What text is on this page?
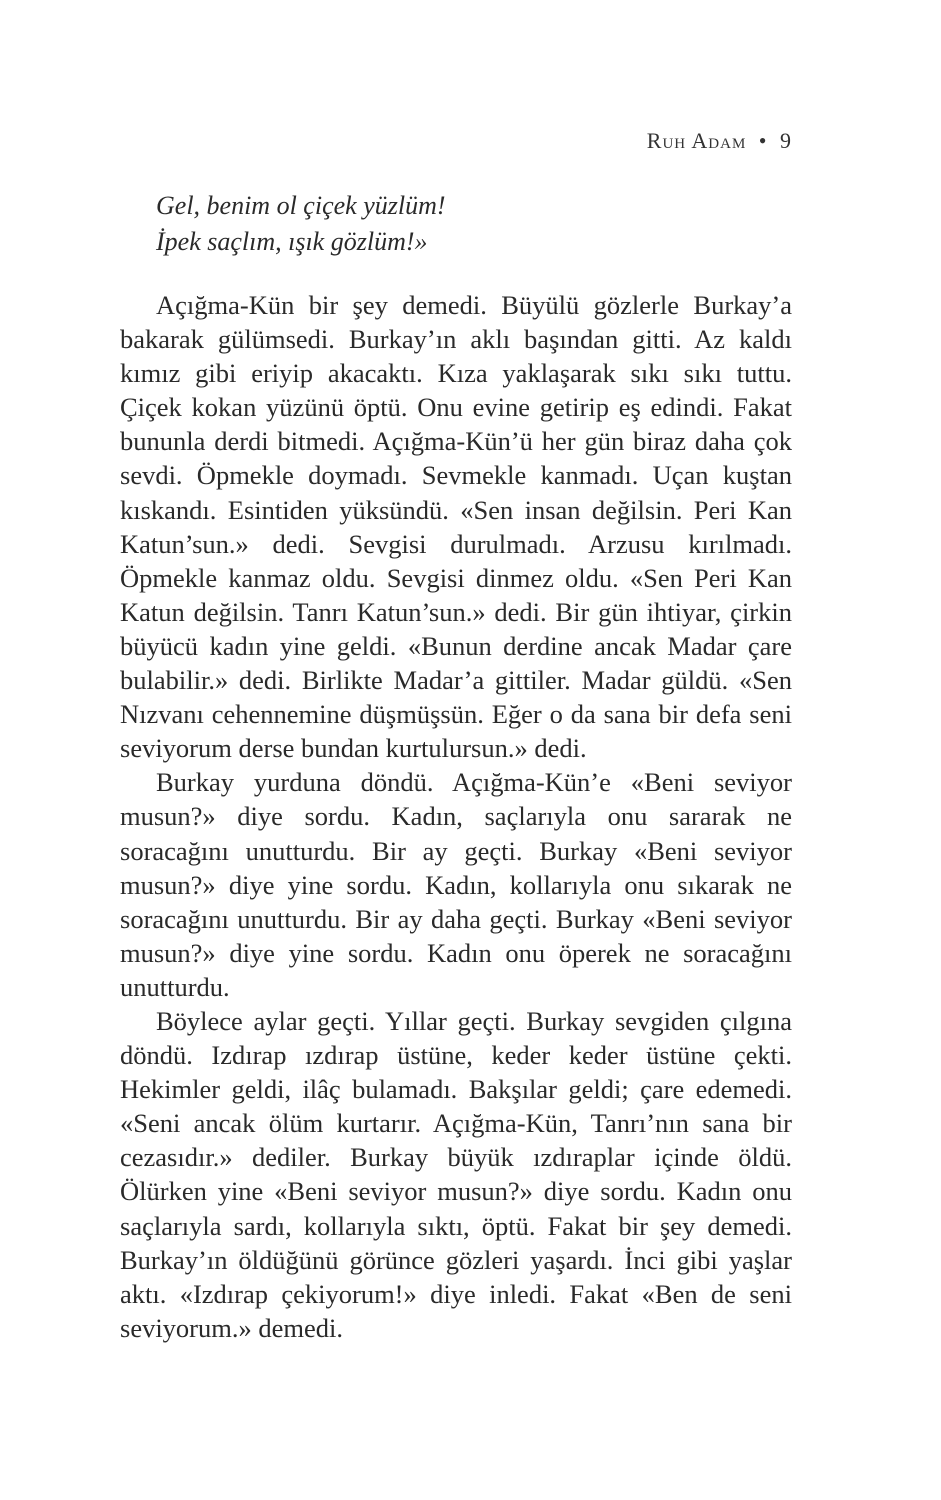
Ruh Adam • 9
Gel, benim ol çiçek yüzlüm!
İpek saçlım, ışık gözlüm!»

Açığma-Kün bir şey demedi. Büyülü gözlerle Burkay’a bakarak gülümsedi. Burkay’ın aklı başından gitti. Az kaldı kımız gibi eriyip akacaktı. Kıza yaklaşarak sıkı sıkı tuttu. Çiçek kokan yüzünü öptü. Onu evine getirip eş edindi. Fakat bununla derdi bitmedi. Açığma-Kün’ü her gün biraz daha çok sevdi. Öpmekle doymadı. Sevmekle kanmadı. Uçan kuştan kıskandı. Esintiden yüksündü. «Sen insan değilsin. Peri Kan Katun’sun.» dedi. Sevgisi durulmadı. Arzusu kırılmadı. Öpmekle kanmaz oldu. Sevgisi dinmez oldu. «Sen Peri Kan Katun değilsin. Tanrı Katun’sun.» dedi. Bir gün ihtiyar, çirkin büyücü kadın yine geldi. «Bunun derdine ancak Madar çare bulabilir.» dedi. Birlikte Madar’a gittiler. Madar güldü. «Sen Nızvanı cehennemine düşmüşsün. Eğer o da sana bir defa seni seviyorum derse bundan kurtulursun.» dedi.

Burkay yurduna döndü. Açığma-Kün’e «Beni seviyor musun?» diye sordu. Kadın, saçlarıyla onu sararak ne soracağını unutturdu. Bir ay geçti. Burkay «Beni seviyor musun?» diye yine sordu. Kadın, kollarıyla onu sıkarak ne soracağını unutturdu. Bir ay daha geçti. Burkay «Beni seviyor musun?» diye yine sordu. Kadın onu öperek ne soracağını unutturdu.

Böylece aylar geçti. Yıllar geçti. Burkay sevgiden çılgına döndü. Izdırap ızdırap üstüne, keder keder üstüne çekti. Hekimler geldi, ilâç bulamadı. Bakşılar geldi; çare edemedi. «Seni ancak ölüm kurtarır. Açığma-Kün, Tanrı’nın sana bir cezasıdır.» dediler. Burkay büyük ızdıraplar içinde öldü. Ölürken yine «Beni seviyor musun?» diye sordu. Kadın onu saçlarıyla sardı, kollarıyla sıktı, öptü. Fakat bir şey demedi. Burkay’ın öldüğünü görünce gözleri yaşardı. İnci gibi yaşlar aktı. «Izdırap çekiyorum!» diye inledi. Fakat «Ben de seni seviyorum.» demedi.
